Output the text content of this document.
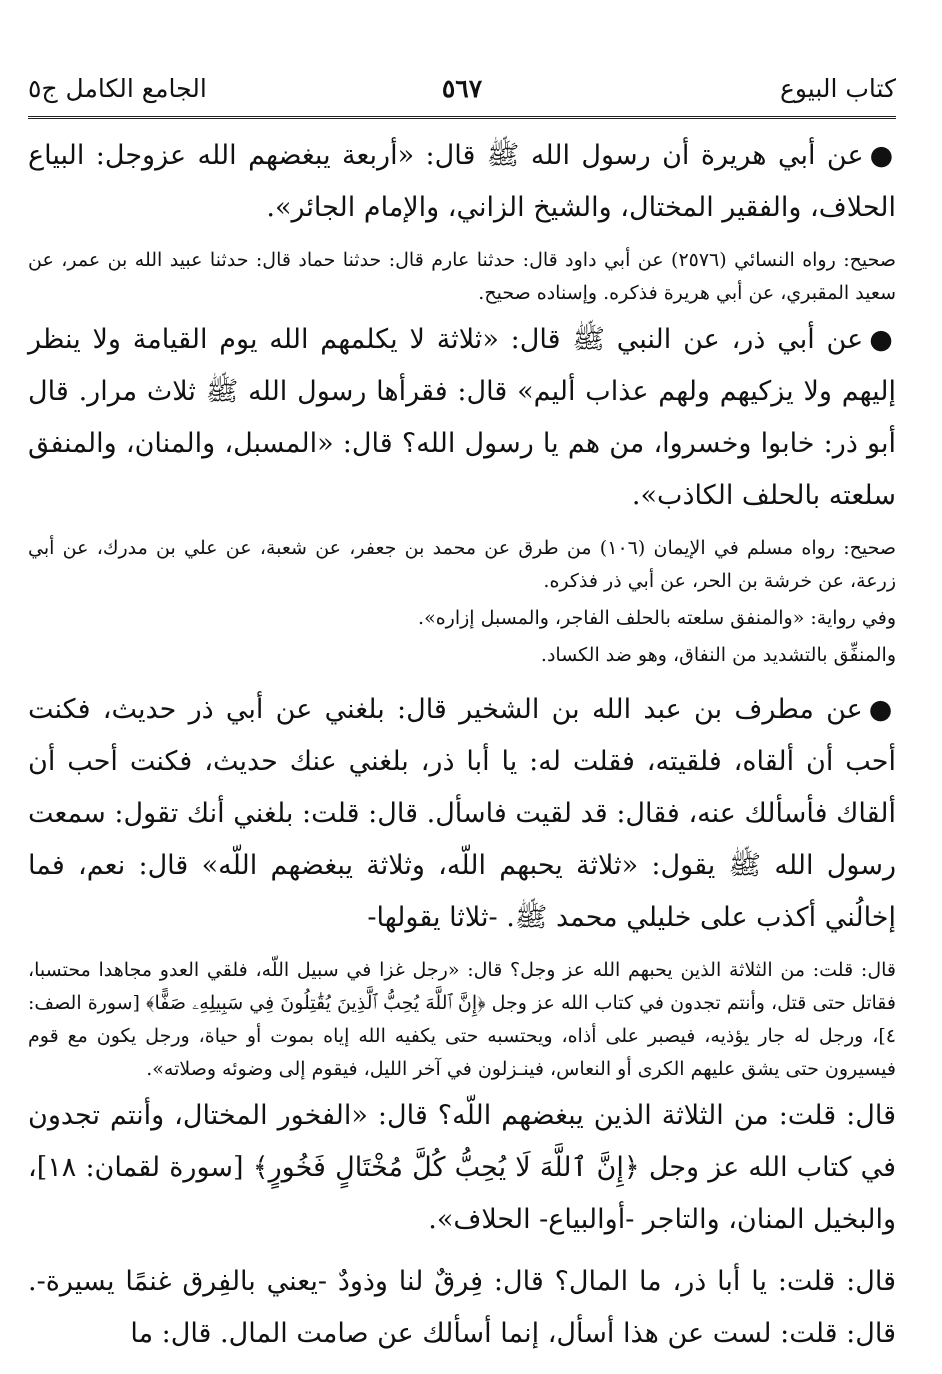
كتاب البيوع
٥٦٧
الجامع الكامل ج٥

●عن أبي هريرة أن رسول الله ﷺ قال: «أربعة يبغضهم الله عزوجل: البياع الحلاف، والفقير المختال، والشيخ الزاني، والإمام الجائر».

صحيح: رواه النسائي (٢٥٧٦) عن أبي داود قال: حدثنا عارم قال: حدثنا حماد قال: حدثنا عبيد الله بن عمر، عن سعيد المقبري، عن أبي هريرة فذكره. وإسناده صحيح.

●عن أبي ذر، عن النبي ﷺ قال: «ثلاثة لا يكلمهم الله يوم القيامة ولا ينظر إليهم ولا يزكيهم ولهم عذاب أليم» قال: فقرأها رسول الله ﷺ ثلاث مرار. قال أبو ذر: خابوا وخسروا، من هم يا رسول الله؟ قال: «المسبل، والمنان، والمنفق سلعته بالحلف الكاذب».

صحيح: رواه مسلم في الإيمان (١٠٦) من طرق عن محمد بن جعفر، عن شعبة، عن علي بن مدرك، عن أبي زرعة، عن خرشة بن الحر، عن أبي ذر فذكره.

وفي رواية: «والمنفق سلعته بالحلف الفاجر، والمسبل إزاره».

والمنفِّق بالتشديد من النفاق، وهو ضد الكساد.

●عن مطرف بن عبد الله بن الشخير قال: بلغني عن أبي ذر حديث، فكنت أحب أن ألقاه، فلقيته، فقلت له: يا أبا ذر، بلغني عنك حديث، فكنت أحب أن ألقاك فأسألك عنه، فقال: قد لقيت فاسأل. قال: قلت: بلغني أنك تقول: سمعت رسول الله ﷺ يقول: «ثلاثة يحبهم اللّه، وثلاثة يبغضهم اللّه» قال: نعم، فما إخالُني أكذب على خليلي محمد ﷺ. -ثلاثا يقولها-

قال: قلت: من الثلاثة الذين يحبهم الله عز وجل؟ قال: «رجل غزا في سبيل اللّه، فلقي العدو مجاهدا محتسبا، فقاتل حتى قتل، وأنتم تجدون في كتاب الله عز وجل ﴿إِنَّ ٱللَّهَ يُحِبُّ ٱلَّذِينَ يُقَٰتِلُونَ فِي سَبِيلِهِۦ صَفًّا﴾ [سورة الصف: ٤]، ورجل له جار يؤذيه، فيصبر على أذاه، ويحتسبه حتى يكفيه الله إياه بموت أو حياة، ورجل يكون مع قوم فيسيرون حتى يشق عليهم الكرى أو النعاس، فينـزلون في آخر الليل، فيقوم إلى وضوئه وصلاته».

قال: قلت: من الثلاثة الذين يبغضهم اللّه؟ قال: «الفخور المختال، وأنتم تجدون في كتاب الله عز وجل ﴿إِنَّ ٱللَّهَ لَا يُحِبُّ كُلَّ مُخْتَالٍ فَخُورٍ﴾ [سورة لقمان: ١٨]، والبخيل المنان، والتاجر -أوالبياع- الحلاف».

قال: قلت: يا أبا ذر، ما المال؟ قال: فِرقٌ لنا وذودٌ -يعني بالفِرق غنمًا يسيرة-. قال: قلت: لست عن هذا أسأل، إنما أسألك عن صامت المال. قال: ما
